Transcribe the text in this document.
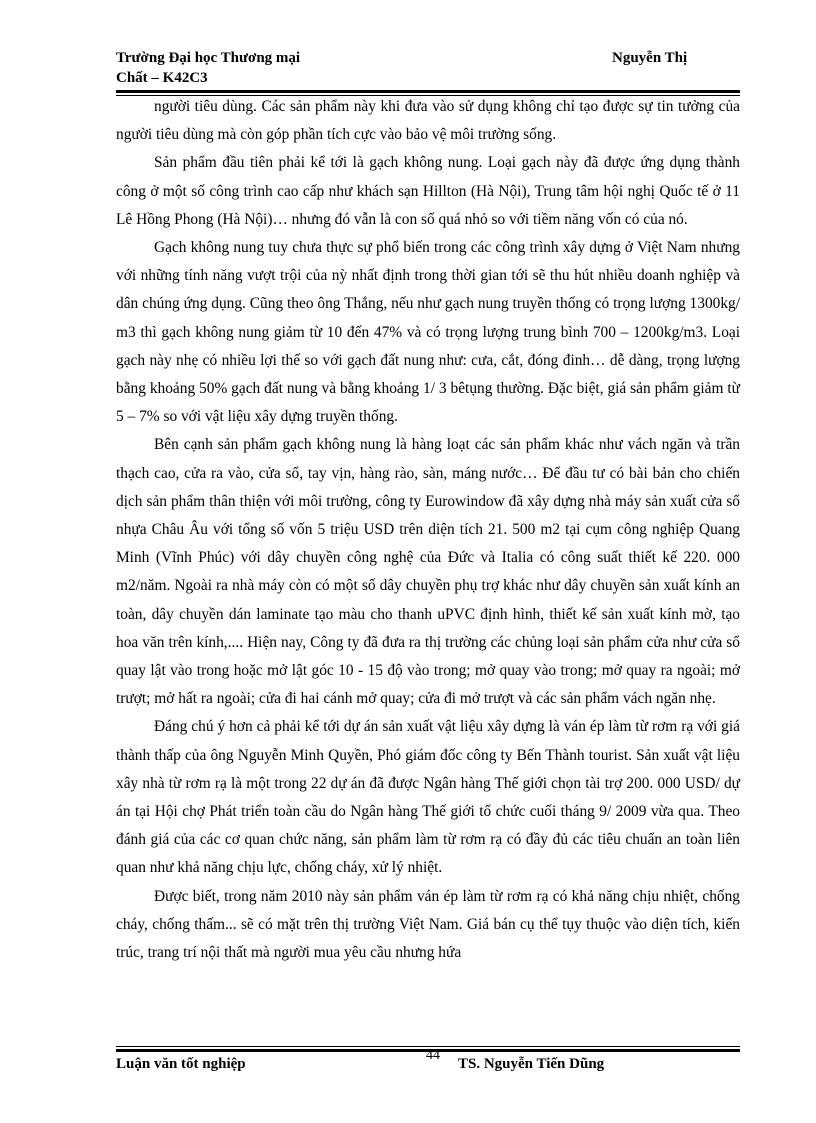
Trường Đại học Thương mại	Nguyễn Thị
Chất – K42C3

người tiêu dùng. Các sản phẩm này khi đưa vào sử dụng không chỉ tạo được sự tin tưởng của người tiêu dùng mà còn góp phần tích cực vào bảo vệ môi trường sống.

Sản phẩm đầu tiên phải kể tới là gạch không nung. Loại gạch này đã được ứng dụng thành công ở một số công trình cao cấp như khách sạn Hillton (Hà Nội), Trung tâm hội nghị Quốc tế ở 11 Lê Hồng Phong (Hà Nội)… nhưng đó vẫn là con số quá nhỏ so với tiềm năng vốn có của nó.

Gạch không nung tuy chưa thực sự phổ biến trong các công trình xây dựng ở Việt Nam nhưng với những tính năng vượt trội của nỳ nhất định trong thời gian tới sẽ thu hút nhiều doanh nghiệp và dân chúng ứng dụng. Cũng theo ông Thắng, nếu như gạch nung truyền thống có trọng lượng 1300kg/ m3 thì gạch không nung giảm từ 10 đến 47% và có trọng lượng trung bình 700 – 1200kg/m3. Loại gạch này nhẹ có nhiều lợi thế so với gạch đất nung như: cưa, cắt, đóng đinh… dễ dàng, trọng lượng bằng khoảng 50% gạch đất nung và bằng khoảng 1/ 3 bêtụng thường. Đặc biệt, giá sản phẩm giảm từ 5 – 7% so với vật liệu xây dựng truyền thống.

Bên cạnh sản phẩm gạch không nung là hàng loạt các sản phẩm khác như vách ngăn và trần thạch cao, cửa ra vào, cửa sổ, tay vịn, hàng rào, sàn, máng nước… Để đầu tư có bài bản cho chiến dịch sản phẩm thân thiện với môi trường, công ty Eurowindow đã xây dựng nhà máy sản xuất cửa sổ nhựa Châu Âu với tổng số vốn 5 triệu USD trên diện tích 21. 500 m2 tại cụm công nghiệp Quang Minh (Vĩnh Phúc) với dây chuyền công nghệ của Đức và Italia có công suất thiết kế 220. 000 m2/năm. Ngoài ra nhà máy còn có một số dây chuyền phụ trợ khác như dây chuyền sản xuất kính an toàn, dây chuyền dán laminate tạo màu cho thanh uPVC định hình, thiết kế sản xuất kính mờ, tạo hoa văn trên kính,.... Hiện nay, Công ty đã đưa ra thị trường các chủng loại sản phẩm cửa như cửa sổ quay lật vào trong hoặc mở lật góc 10 - 15 độ vào trong; mở quay vào trong; mở quay ra ngoài; mở trượt; mở hất ra ngoài; cửa đi hai cánh mở quay; cửa đi mở trượt và các sản phẩm vách ngăn nhẹ.

Đáng chú ý hơn cả phải kể tới dự án sản xuất vật liệu xây dựng là ván ép làm từ rơm rạ với giá thành thấp của ông Nguyễn Minh Quyền, Phó giám đốc công ty Bến Thành tourist. Sản xuất vật liệu xây nhà từ rơm rạ là một trong 22 dự án đã được Ngân hàng Thế giới chọn tài trợ 200. 000 USD/ dự án tại Hội chợ Phát triển toàn cầu do Ngân hàng Thế giới tổ chức cuối tháng 9/ 2009 vừa qua. Theo đánh giá của các cơ quan chức năng, sản phẩm làm từ rơm rạ có đầy đủ các tiêu chuẩn an toàn liên quan như khả năng chịu lực, chống cháy, xử lý nhiệt.

Được biết, trong năm 2010 này sản phẩm ván ép làm từ rơm rạ có khả năng chịu nhiệt, chống cháy, chống thấm... sẽ có mặt trên thị trường Việt Nam. Giá bán cụ thể tụy thuộc vào diện tích, kiến trúc, trang trí nội thất mà người mua yêu cầu nhưng hứa

Luận văn tốt nghiệp
44
TS. Nguyễn Tiến Dũng
